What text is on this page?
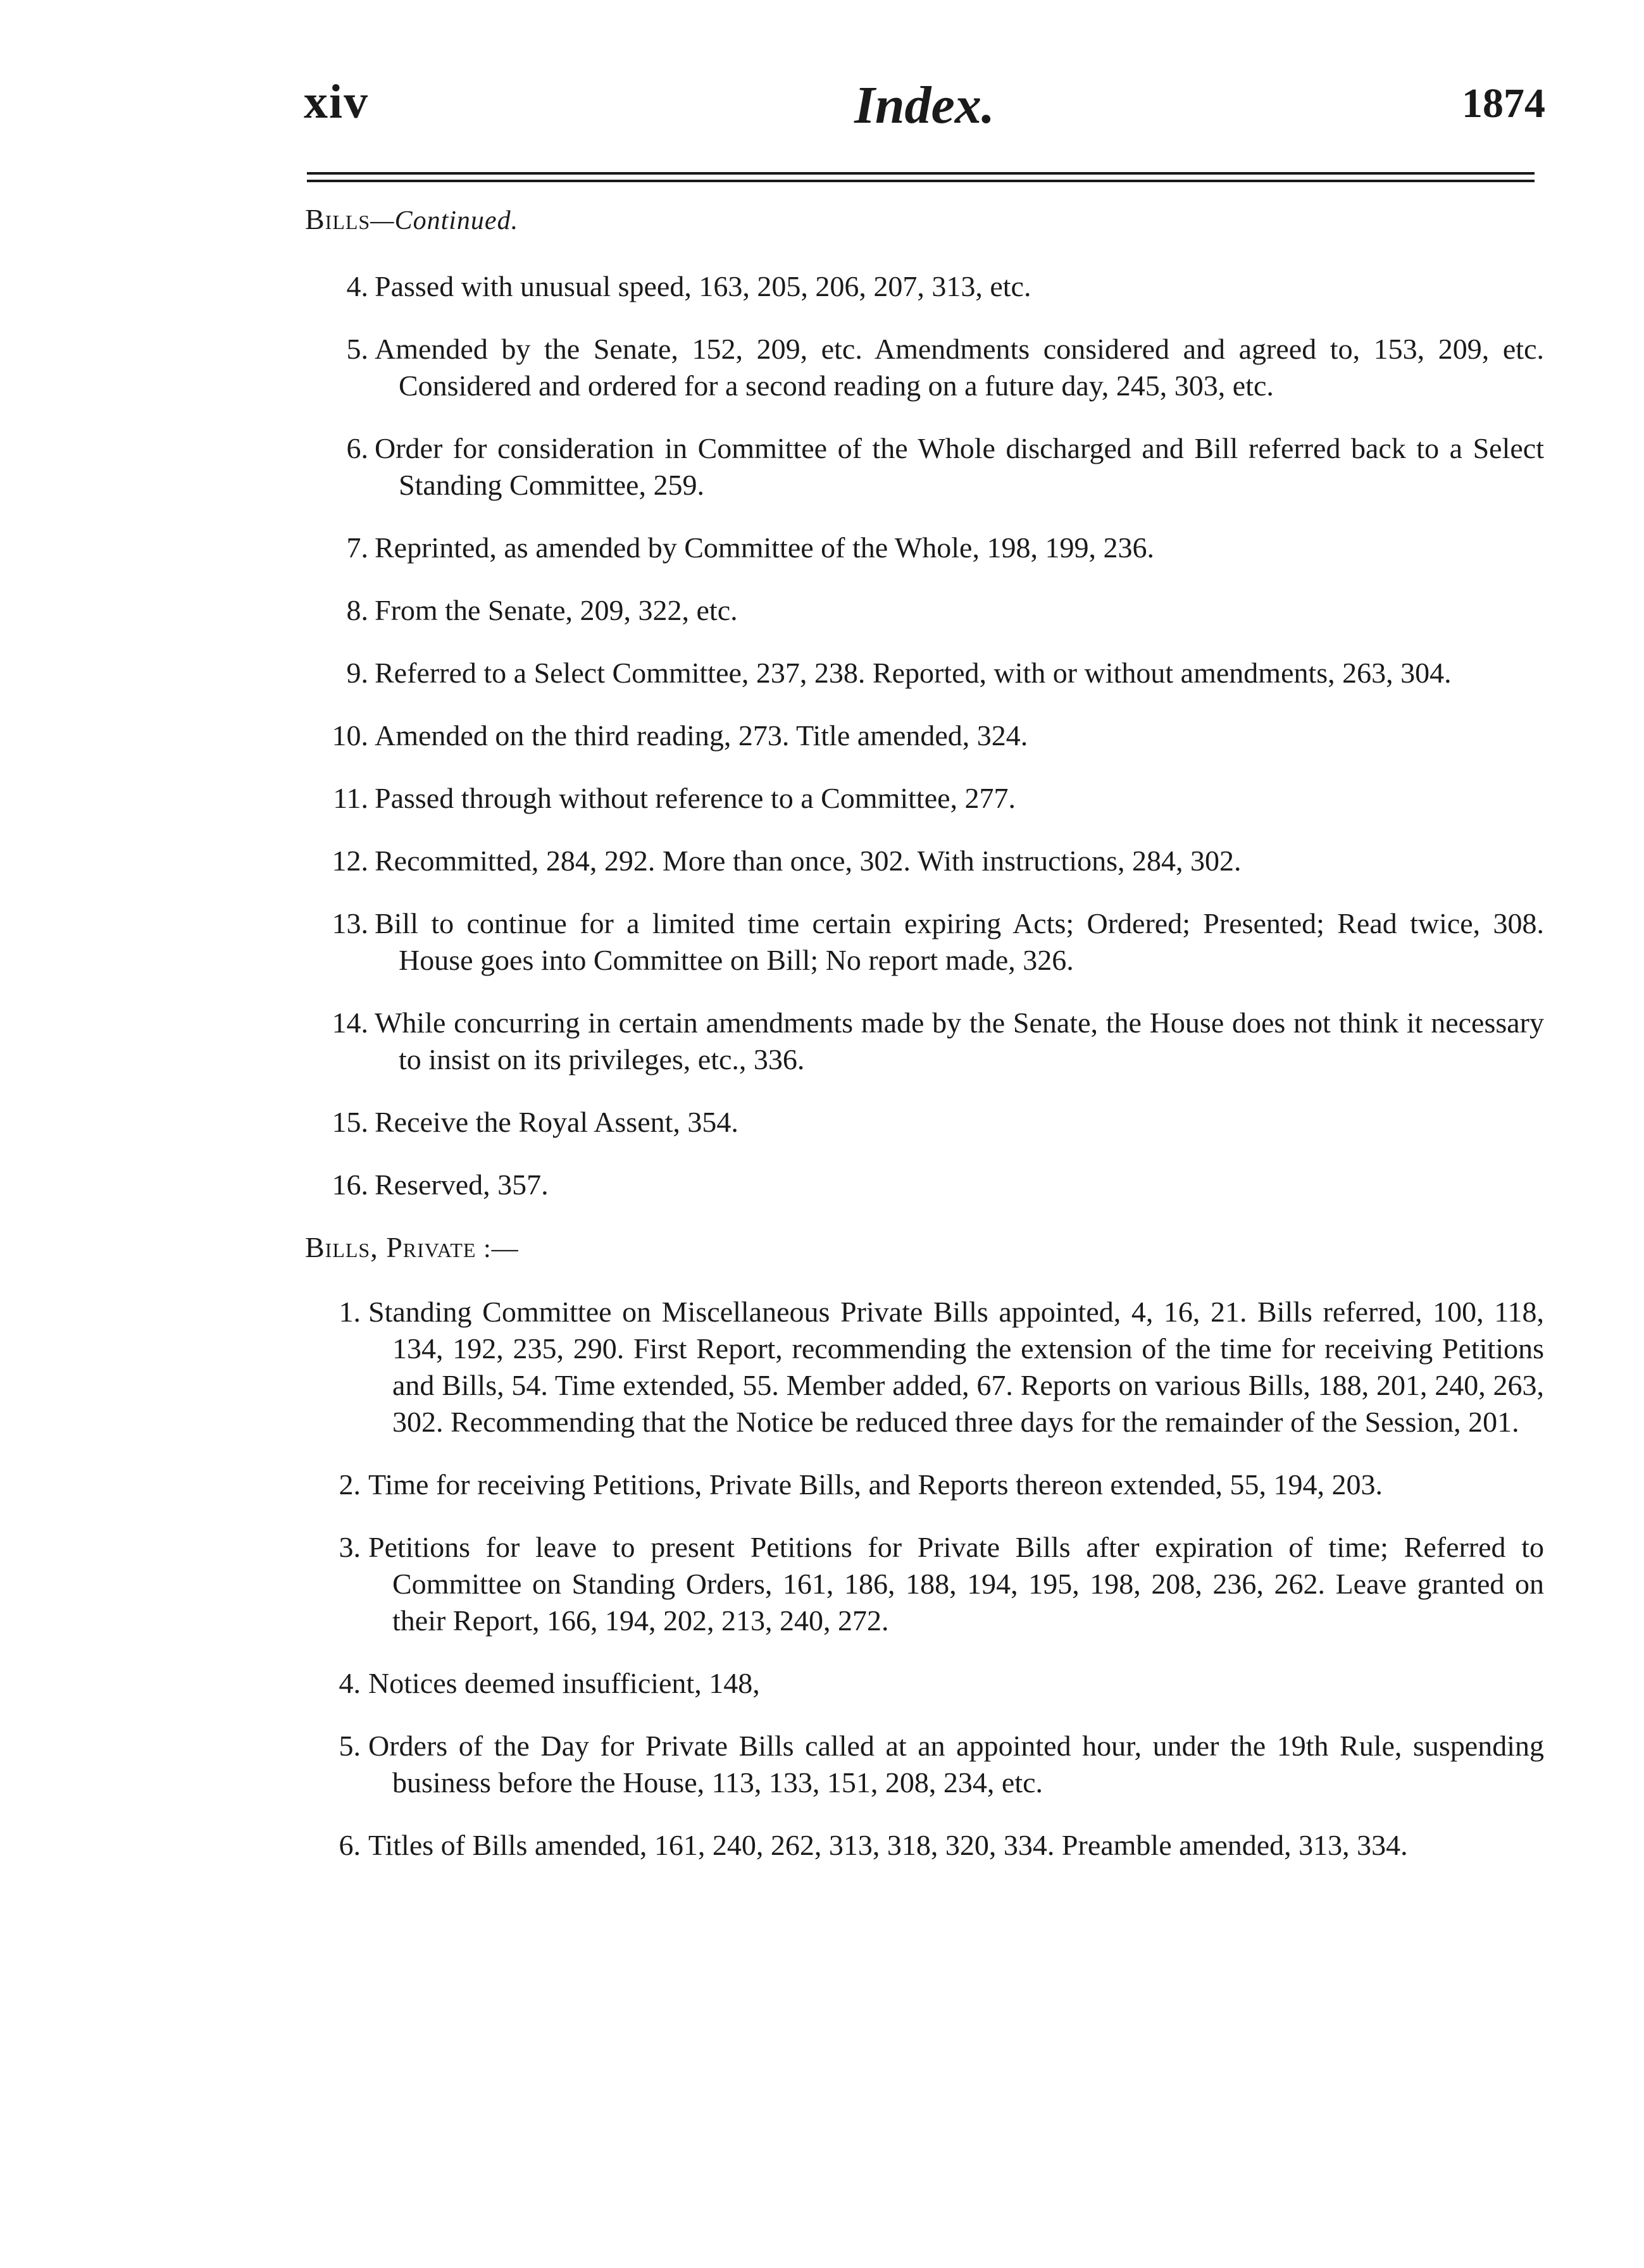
xiv	Index.	1874
Bills—Continued.
4. Passed with unusual speed, 163, 205, 206, 207, 313, etc.
5. Amended by the Senate, 152, 209, etc. Amendments considered and agreed to, 153, 209, etc. Considered and ordered for a second reading on a future day, 245, 303, etc.
6. Order for consideration in Committee of the Whole discharged and Bill referred back to a Select Standing Committee, 259.
7. Reprinted, as amended by Committee of the Whole, 198, 199, 236.
8. From the Senate, 209, 322, etc.
9. Referred to a Select Committee, 237, 238. Reported, with or without amendments, 263, 304.
10. Amended on the third reading, 273. Title amended, 324.
11. Passed through without reference to a Committee, 277.
12. Recommitted, 284, 292. More than once, 302. With instructions, 284, 302.
13. Bill to continue for a limited time certain expiring Acts; Ordered; Presented; Read twice, 308. House goes into Committee on Bill; No report made, 326.
14. While concurring in certain amendments made by the Senate, the House does not think it necessary to insist on its privileges, etc., 336.
15. Receive the Royal Assent, 354.
16. Reserved, 357.
Bills, Private :—
1. Standing Committee on Miscellaneous Private Bills appointed, 4, 16, 21. Bills referred, 100, 118, 134, 192, 235, 290. First Report, recommending the extension of the time for receiving Petitions and Bills, 54. Time extended, 55. Member added, 67. Reports on various Bills, 188, 201, 240, 263, 302. Recommending that the Notice be reduced three days for the remainder of the Session, 201.
2. Time for receiving Petitions, Private Bills, and Reports thereon extended, 55, 194, 203.
3. Petitions for leave to present Petitions for Private Bills after expiration of time; Referred to Committee on Standing Orders, 161, 186, 188, 194, 195, 198, 208, 236, 262. Leave granted on their Report, 166, 194, 202, 213, 240, 272.
4. Notices deemed insufficient, 148,
5. Orders of the Day for Private Bills called at an appointed hour, under the 19th Rule, suspending business before the House, 113, 133, 151, 208, 234, etc.
6. Titles of Bills amended, 161, 240, 262, 313, 318, 320, 334. Preamble amended, 313, 334.
